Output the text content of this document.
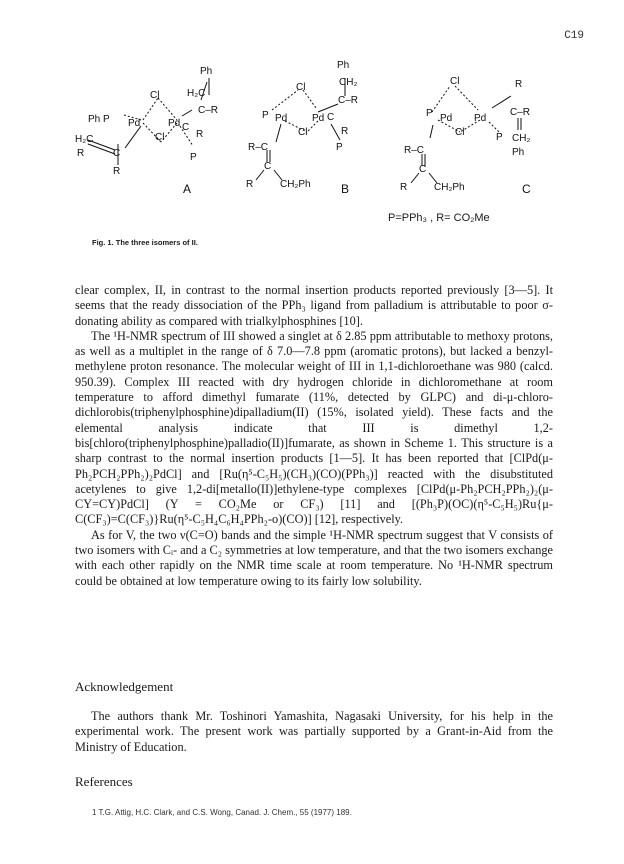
C19
Ph
H₂C
Cl
C–R
Ph P Pd	Pd C
Cl	R
H₂C
R	C	P
R
A
Ph
CH₂
Cl
C–R
P Pd Pd C
Cl	R
R–C	P
C
R	CH₂Ph	B
Cl	R
P Pd Pd
C–R
Cl	P CH₂
Ph
R–C
C
R	CH₂Ph	C
P=PPh₃ , R= CO₂Me
Fig. 1. The three isomers of II.

clear complex, II, in contrast to the normal insertion products reported previously [3—5]. It seems that the ready dissociation of the PPh₃ ligand from palladium is attributable to poor σ-donating ability as compared with trialkylphosphines [10].

The ¹H-NMR spectrum of III showed a singlet at δ 2.85 ppm attributable to methoxy protons, as well as a multiplet in the range of δ 7.0—7.8 ppm (aromatic protons), but lacked a benzyl-methylene proton resonance. The molecular weight of III in 1,1-dichloroethane was 980 (calcd. 950.39). Complex III reacted with dry hydrogen chloride in dichloromethane at room temperature to afford dimethyl fumarate (11%, detected by GLPC) and di-μ-chloro-dichlorobis(triphenylphosphine)dipalladium(II) (15%, isolated yield). These facts and the elemental analysis indicate that III is dimethyl 1,2-bis[chloro(triphenylphosphine)palladio(II)]fumarate, as shown in Scheme 1. This structure is a sharp contrast to the normal insertion products [1—5]. It has been reported that [ClPd(μ-Ph₂PCH₂PPh₂)₂PdCl] and [Ru(η⁵-C₅H₅)(CH₃)(CO)(PPh₃)] reacted with the disubstituted acetylenes to give 1,2-di[metallo(II)]ethylene-type complexes [ClPd(μ-Ph₂PCH₂PPh₂)₂(μ-CY=CY)PdCl] (Y = CO₂Me or CF₃) [11] and [(Ph₃P)(OC)(η⁵-C₅H₅)Ru{μ-C(CF₃)=C(CF₃)}Ru(η⁵-C₅H₄C₆H₄PPh₂-o)(CO)] [12], respectively.

As for V, the two ν(C=O) bands and the simple ¹H-NMR spectrum suggest that V consists of two isomers with Cᵢ- and a C₂ symmetries at low temperature, and that the two isomers exchange with each other rapidly on the NMR time scale at room temperature. No ¹H-NMR spectrum could be obtained at low temperature owing to its fairly low solubility.

Acknowledgement
The authors thank Mr. Toshinori Yamashita, Nagasaki University, for his help in the experimental work. The present work was partially supported by a Grant-in-Aid from the Ministry of Education.
References
1 T.G. Attig, H.C. Clark, and C.S. Wong, Canad. J. Chem., 55 (1977) 189.
